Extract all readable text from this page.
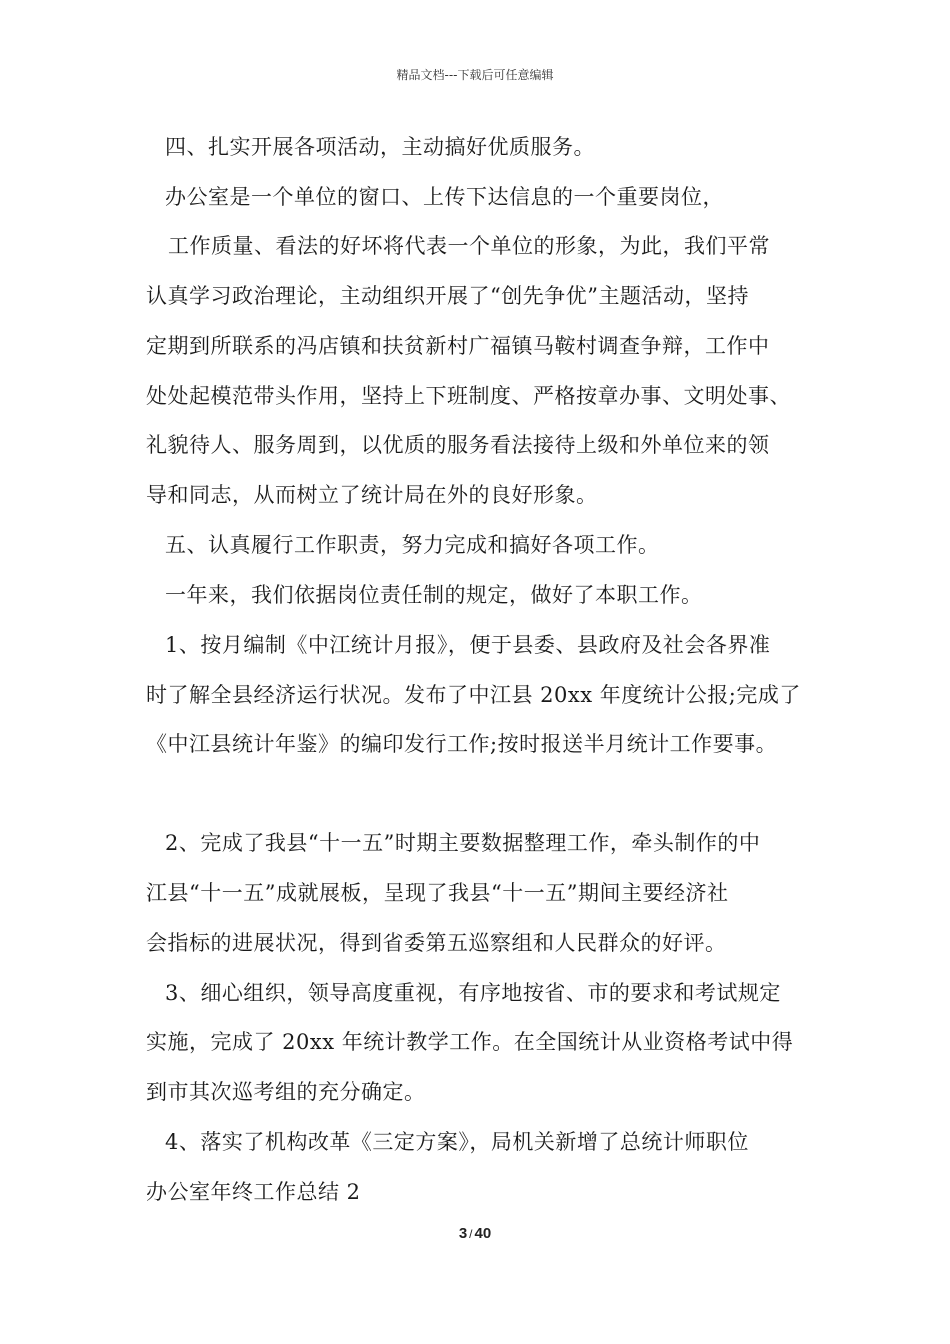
精品文档---下载后可任意编辑
四、扎实开展各项活动，主动搞好优质服务。
办公室是一个单位的窗口、上传下达信息的一个重要岗位，
工作质量、看法的好坏将代表一个单位的形象，为此，我们平常
认真学习政治理论，主动组织开展了“创先争优”主题活动，坚持
定期到所联系的冯店镇和扶贫新村广福镇马鞍村调查争辩，工作中
处处起模范带头作用，坚持上下班制度、严格按章办事、文明处事、
礼貌待人、服务周到，以优质的服务看法接待上级和外单位来的领
导和同志，从而树立了统计局在外的良好形象。
五、认真履行工作职责，努力完成和搞好各项工作。
一年来，我们依据岗位责任制的规定，做好了本职工作。
1、按月编制《中江统计月报》，便于县委、县政府及社会各界准
时了解全县经济运行状况。发布了中江县 20xx 年度统计公报;完成了
《中江县统计年鉴》的编印发行工作;按时报送半月统计工作要事。
2、完成了我县“十一五”时期主要数据整理工作，牵头制作的中
江县“十一五”成就展板，呈现了我县“十一五”期间主要经济社
会指标的进展状况，得到省委第五巡察组和人民群众的好评。
3、细心组织，领导高度重视，有序地按省、市的要求和考试规定
实施，完成了 20xx 年统计教学工作。在全国统计从业资格考试中得
到市其次巡考组的充分确定。
4、落实了机构改革《三定方案》，局机关新增了总统计师职位
办公室年终工作总结 2
3 / 40
